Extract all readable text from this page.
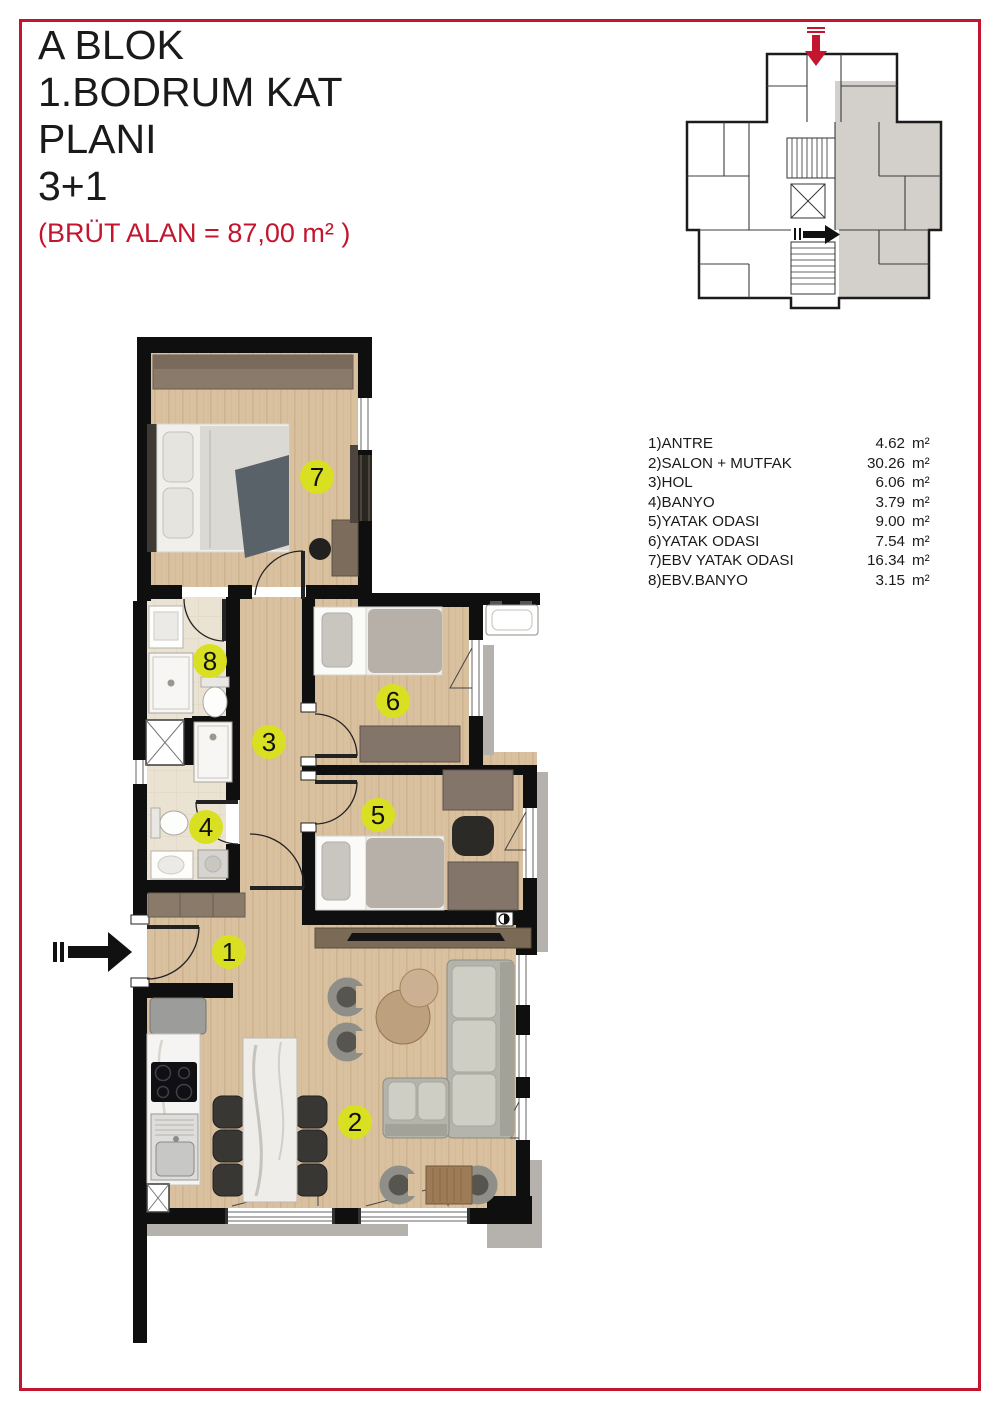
A BLOK
1.BODRUM KAT
PLANI
3+1
(BRÜT ALAN = 87,00 m² )
1)ANTRE	4.62 m²
2)SALON + MUTFAK	30.26 m²
3)HOL	6.06 m²
4)BANYO	3.79 m²
5)YATAK ODASI	9.00 m²
6)YATAK ODASI	7.54 m²
7)EBV YATAK ODASI	16.34 m²
8)EBV.BANYO	3.15 m²
1
2
3
4	5
6
7
8
